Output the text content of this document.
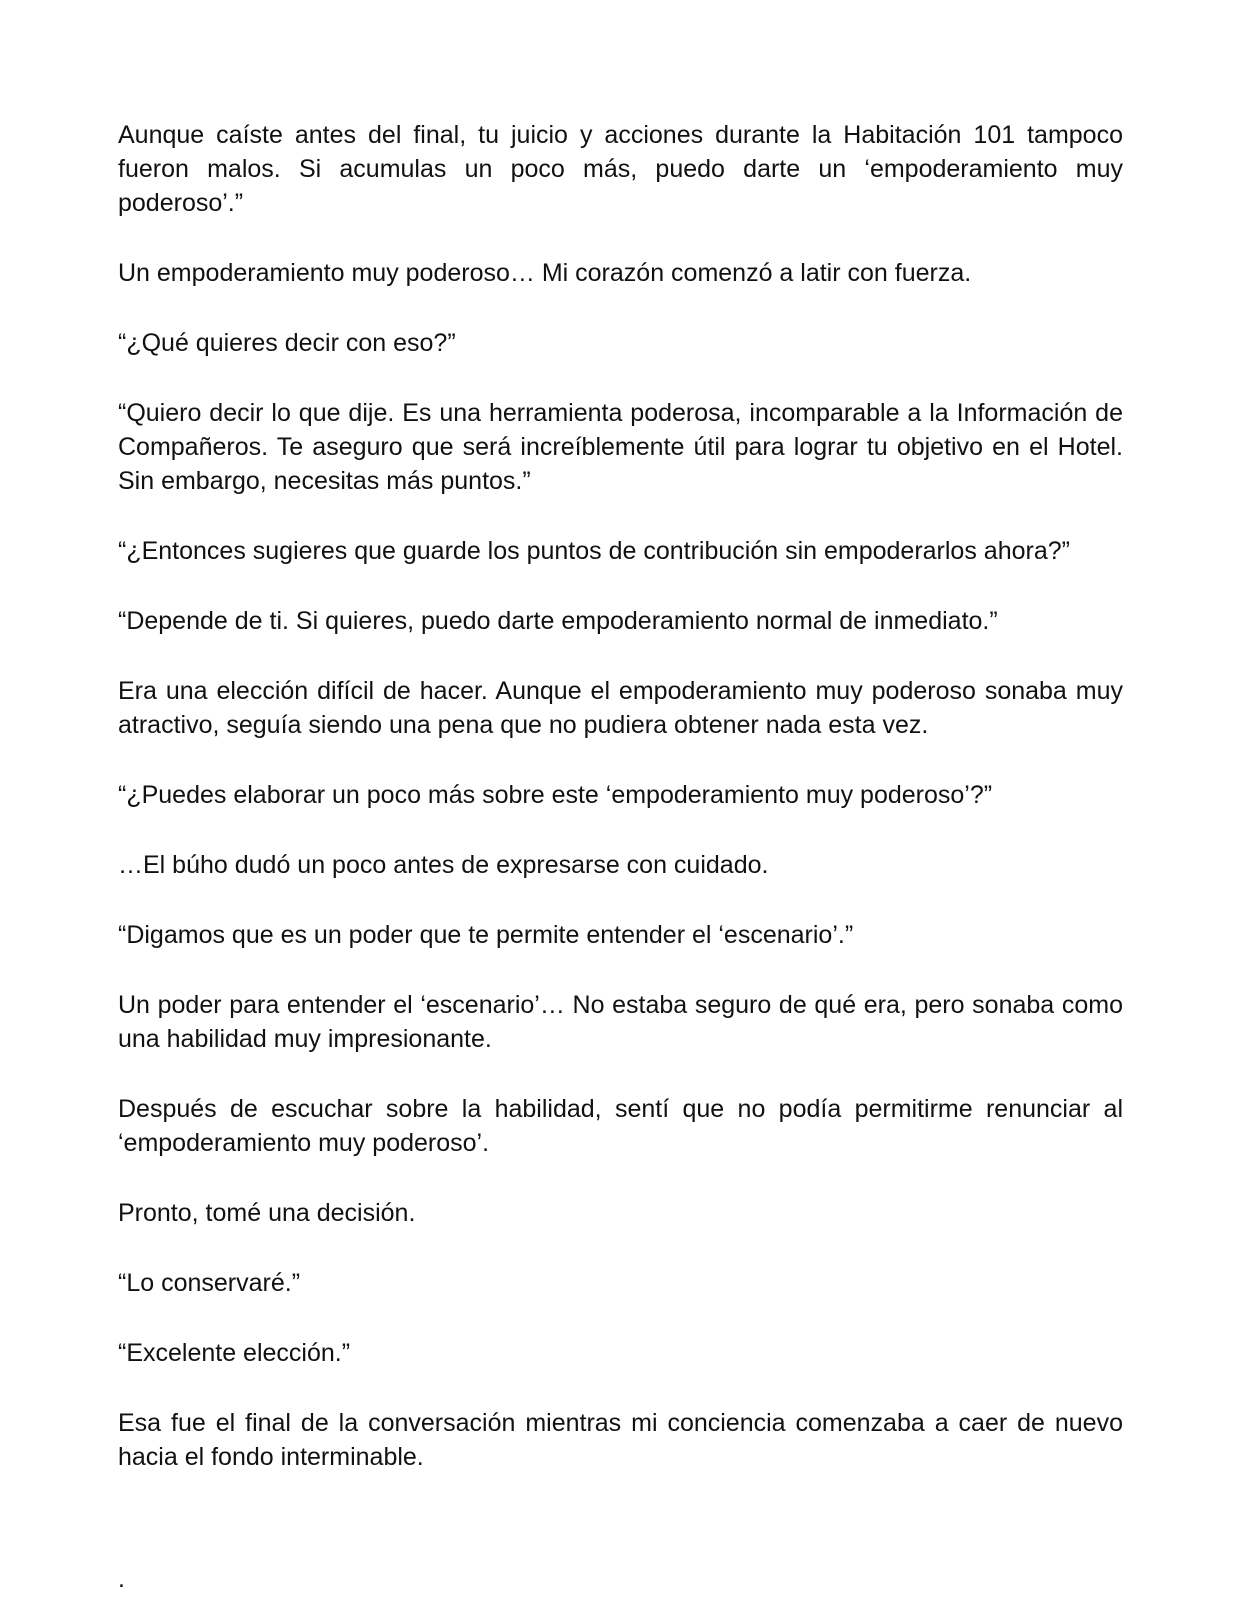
Aunque caíste antes del final, tu juicio y acciones durante la Habitación 101 tampoco fueron malos. Si acumulas un poco más, puedo darte un ‘empoderamiento muy poderoso’.”

Un empoderamiento muy poderoso… Mi corazón comenzó a latir con fuerza.

“¿Qué quieres decir con eso?”

“Quiero decir lo que dije. Es una herramienta poderosa, incomparable a la Información de Compañeros. Te aseguro que será increíblemente útil para lograr tu objetivo en el Hotel. Sin embargo, necesitas más puntos.”

“¿Entonces sugieres que guarde los puntos de contribución sin empoderarlos ahora?”

“Depende de ti. Si quieres, puedo darte empoderamiento normal de inmediato.”

Era una elección difícil de hacer. Aunque el empoderamiento muy poderoso sonaba muy atractivo, seguía siendo una pena que no pudiera obtener nada esta vez.

“¿Puedes elaborar un poco más sobre este ‘empoderamiento muy poderoso’?”

…El búho dudó un poco antes de expresarse con cuidado.

“Digamos que es un poder que te permite entender el ‘escenario’.”

Un poder para entender el ‘escenario’… No estaba seguro de qué era, pero sonaba como una habilidad muy impresionante.

Después de escuchar sobre la habilidad, sentí que no podía permitirme renunciar al ‘empoderamiento muy poderoso’.

Pronto, tomé una decisión.

“Lo conservaré.”

“Excelente elección.”

Esa fue el final de la conversación mientras mi conciencia comenzaba a caer de nuevo hacia el fondo interminable.

.
